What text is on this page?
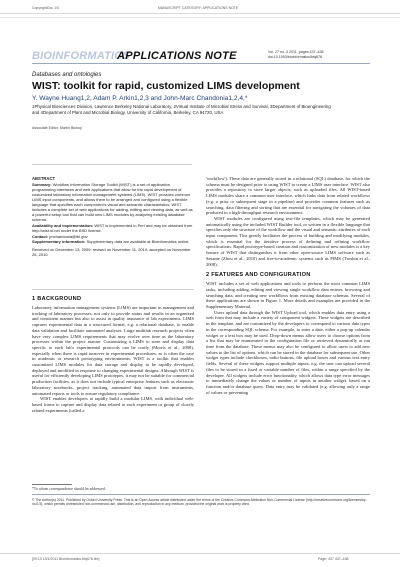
CopyrightDoc 1/4	MANUSCRIPT CATEGORY: APPLICATIONS NOTE
BIOINFORMATICS
APPLICATIONS NOTE	Vol. 27 no. 3 2011, pages 437–438
doi:10.1093/bioinformatics/btq676
Databases and ontologies
WIST: toolkit for rapid, customized LIMS development
Y. Wayne Huang1,2, Adam P. Arkin1,2,3 and John-Marc Chandonia1,2,4,*
1Physical Biosciences Division, Lawrence Berkeley National Laboratory, 2Virtual Institute of Microbial Stress and Survival, 3Department of Bioengineering and 4Department of Plant and Microbial Biology, University of California, Berkeley, CA 94720, USA
Associate Editor: Martin Bishop
ABSTRACT

Summary: Workflow Information Storage Toolkit (WIST) is a set of application programming interfaces and web applications that allow for the rapid development of customized laboratory information management systems (LIMS). WIST provides common LIMS input components, and allows them to be arranged and configured using a flexible language that specifies each component's visual and semantic characteristics. WIST includes a complete set of web applications for adding, editing and viewing data, as well as a powerful setup tool that can build new LIMS modules by analyzing existing database schema.

Availability and implementation: WIST is implemented in Perl and may be obtained from http://wist.sf.net under the BSD license.

Contact: jmchandonia@lbl.gov

Supplementary information: Supplementary data are available at Bioinformatics online.

Received on December 13, 2009; revised on November 11, 2010; accepted on November 26, 2010

1 BACKGROUND

Laboratory information management systems (LIMS) are important in management and tracking of laboratory processes, not only to provide status and results in an organized and consistent manner but also to assist in quality assurance of lab experiments. LIMS captures experimental data in a structured format, e.g. a relational database, to enable data validation and facilitate automated analyses. Large multilab research projects often have very complex LIMS requirements that may evolve over time as the laboratory processes within the project mature. Customizing a LIMS to store and display data specific to each lab's experimental protocols can be costly (Morris et al., 2008), especially when there is rapid turnover in experimental procedures, as is often the case in academic or research prototyping environments. WIST is a toolkit that enables customized LIMS modules for data storage and display to be rapidly developed, deployed and modified in response to changing experimental designs. Although WIST is useful for efficiently developing LIMS prototypes, it may not be suitable for commercial production facilities, as it does not include typical enterprise features such as electronic laboratory notebooks, project tracking, automated data import from instruments, automated reports or tools to ensure regulatory compliance.

WIST enables developers to rapidly build a modular LIMS, with individual web-based forms to capture and display data related to each experiment or group of closely related experiments (called a

'workflow'). These data are generally stored in a relational (SQL) database, for which the schema must be designed prior to using WIST to create a LIMS user interface. WIST also provides a repository to store larger objects, such as uploaded files. All WIST-based LIMS modules share a common user interface, which links data from related workflows (e.g. a prior or subsequent stage in a pipeline) and provides common features such as searching, data filtering and sorting that are essential for navigating the volumes of data produced in a high-throughput research environment.

WIST modules are configured using text-file templates, which may be generated automatically using the included WIST Builder tool, or written in a flexible language that specifies only the structure of the workflow and the visual and semantic attributes of each input component. This greatly facilitates the process of building and modifying modules, which is essential for the iterative process of defining and refining workflow specifications. Rapid prototype-based creation and customization of new modules is a key feature of WIST that distinguishes it from other open-source LIMS software such as Sesame (Zhou et al., 2010) and free-to-academic systems such as PIMS (Troshin et al., 2008).

2 FEATURES AND CONFIGURATION

WIST includes a set of web applications and tools to perform the most common LIMS tasks, including adding, editing and viewing single workflow data entries, browsing and searching data, and creating new workflows from existing database schemas. Several of these applications are shown in Figure 1. More details and examples are provided in the Supplementary Material.

Users upload data through the WIST Upload tool, which enables data entry using a web form that may include a variety of component widgets. These widgets are described in the template, and are customized by the developers to correspond to various data types in the corresponding SQL schema. For example, to enter a date, either a pop-up calendar widget or a text box may be used. Drop-down menus allow users to choose options from a list that may be enumerated in the configuration file or retrieved dynamically at run time from the database. These menus may also be configured to allow users to add new values to the list of options, which can be stored in the database for subsequent use. Other widget types include checkboxes, radio buttons, file upload boxes and various text entry fields. Several of these widgets support multiple inputs, e.g. the user can upload several files to be stored in a fixed or variable number of files, within a range specified by the developer. All widgets include error functionality, which allows data type error messages to immediately change the values or number of inputs in another widget, based on a function and/or database query. Data entry may be validated (e.g. allowing only a range of values or preventing

*To whom correspondence should be addressed.
© The Author(s) 2011. Published by Oxford University Press. This is an Open Access article distributed under the terms of the Creative Commons Attribution Non-Commercial License (http://creativecommons.org/licenses/by-nc/2.5), which permits unrestricted non-commercial use, distribution, and reproduction in any medium, provided the original work is properly cited.
[09:13 13/1/2011 Bioinformatics-btq676.tex]	Page: 437 437–438
